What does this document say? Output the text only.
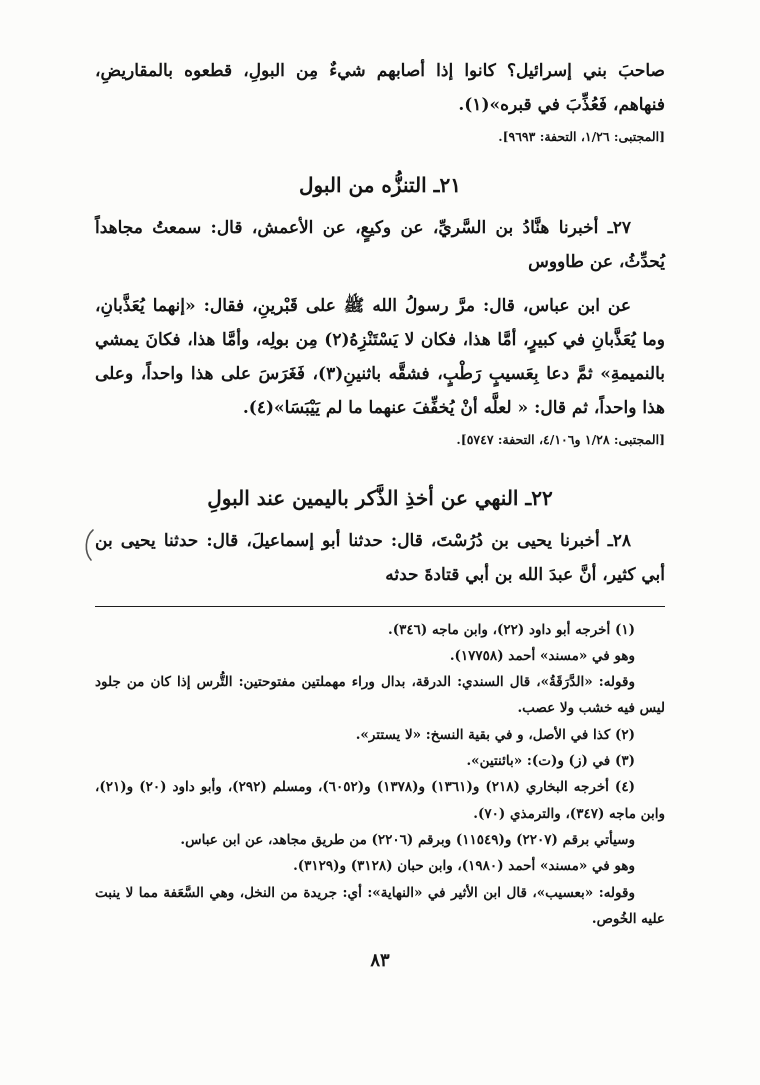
صاحبَ بني إسرائيل؟ كانوا إذا أصابهم شيءٌ مِن البولِ، قطعوه بالمقاريضِ، فنهاهم، فَعُذِّبَ في قبره»(١).

[المجتبى: ١/٢٦، التحفة: ٩٦٩٣].

٢١ـ التنزُّه من البول

٢٧ـ أخبرنا هنَّادُ بن السَّريِّ، عن وكيعٍ، عن الأعمش، قال: سمعتُ مجاهداً يُحدِّثُ، عن طاووس

عن ابن عباس، قال: مرَّ رسولُ الله ﷺ على قَبْرينِ، فقال: «إنهما يُعَذَّبانِ، وما يُعَذَّبانِ في كبيرٍ، أمَّا هذا، فكان لا يَسْتَنْزِهُ(٢) مِن بولِه، وأمَّا هذا، فكانَ يمشي بالنميمةِ» ثمَّ دعا بِعَسيبٍ رَطْبٍ، فشقَّه باثنينِ(٣)، فَغَرَسَ على هذا واحداً، وعلى هذا واحداً، ثم قال: « لعلَّه أنْ يُخفِّفَ عنهما ما لم يَيْبَسَا»(٤).

[المجتبى: ١/٢٨ و٤/١٠٦، التحفة: ٥٧٤٧].

٢٢ـ النهي عن أخذِ الذَّكر باليمين عند البولِ

٢٨ـ أخبرنا يحيى بن دُرُسْتَ، قال: حدثنا أبو إسماعيلَ، قال: حدثنا يحيى بن أبي كثير، أنَّ عبدَ الله بن أبي قتادةَ حدثه

(١) أخرجه أبو داود (٢٢)، وابن ماجه (٣٤٦).

وهو في «مسند» أحمد (١٧٧٥٨).

وقوله: «الدَّرَقَةُ»، قال السندي: الدرقة، بدال وراء مهملتين مفتوحتين: التُّرس إذا كان من جلود ليس فيه خشب ولا عصب.

(٢) كذا في الأصل، و في بقية النسخ: «لا يستتر».

(٣) في (ز) و(ت): «بائنتين».

(٤) أخرجه البخاري (٢١٨) و(١٣٦١) و(١٣٧٨) و(٦٠٥٢)، ومسلم (٢٩٢)، وأبو داود (٢٠) و(٢١)، وابن ماجه (٣٤٧)، والترمذي (٧٠).

وسيأتي برقم (٢٢٠٧) و(١١٥٤٩) وبرقم (٢٢٠٦) من طريق مجاهد، عن ابن عباس.

وهو في «مسند» أحمد (١٩٨٠)، وابن حبان (٣١٢٨) و(٣١٢٩).

وقوله: «بعسيب»، قال ابن الأثير في «النهاية»: أي: جريدة من النخل، وهي السَّعَفة مما لا ينبت عليه الخُوص.

٨٣
